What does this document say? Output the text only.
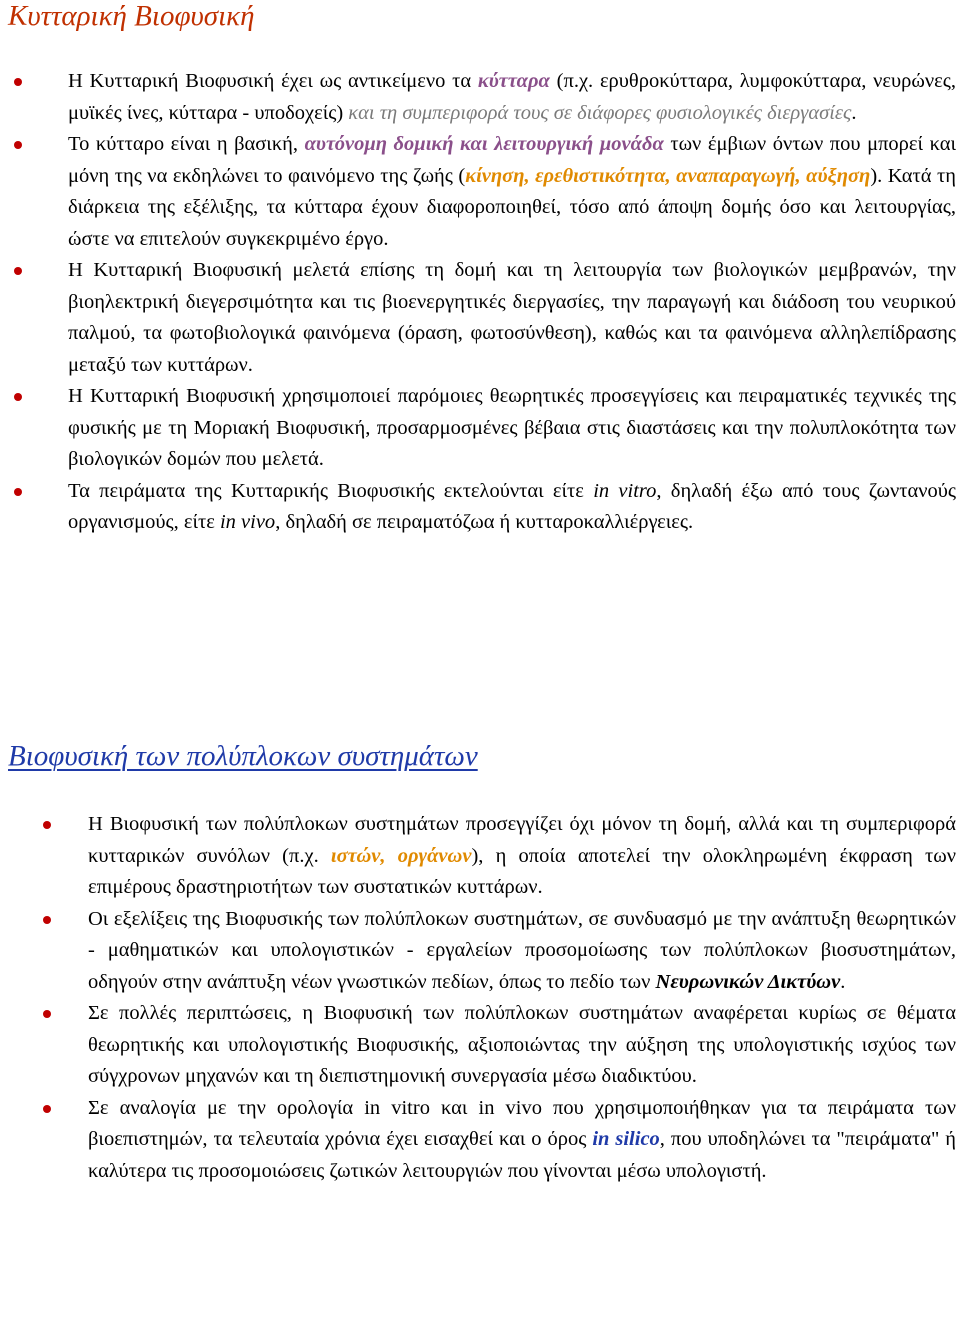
Κυτταρική Βιοφυσική
Η Κυτταρική Βιοφυσική έχει ως αντικείμενο τα κύτταρα (π.χ. ερυθροκύτταρα, λυμφοκύτταρα, νευρώνες, μυϊκές ίνες, κύτταρα - υποδοχείς) και τη συμπεριφορά τους σε διάφορες φυσιολογικές διεργασίες.
Το κύτταρο είναι η βασική, αυτόνομη δομική και λειτουργική μονάδα των έμβιων όντων που μπορεί και μόνη της να εκδηλώνει το φαινόμενο της ζωής (κίνηση, ερεθιστικότητα, αναπαραγωγή, αύξηση). Κατά τη διάρκεια της εξέλιξης, τα κύτταρα έχουν διαφοροποιηθεί, τόσο από άποψη δομής όσο και λειτουργίας, ώστε να επιτελούν συγκεκριμένο έργο.
Η Κυτταρική Βιοφυσική μελετά επίσης τη δομή και τη λειτουργία των βιολογικών μεμβρανών, την βιοηλεκτρική διεγερσιμότητα και τις βιοενεργητικές διεργασίες, την παραγωγή και διάδοση του νευρικού παλμού, τα φωτοβιολογικά φαινόμενα (όραση, φωτοσύνθεση), καθώς και τα φαινόμενα αλληλεπίδρασης μεταξύ των κυττάρων.
Η Κυτταρική Βιοφυσική χρησιμοποιεί παρόμοιες θεωρητικές προσεγγίσεις και πειραματικές τεχνικές της φυσικής με τη Μοριακή Βιοφυσική, προσαρμοσμένες βέβαια στις διαστάσεις και την πολυπλοκότητα των βιολογικών δομών που μελετά.
Τα πειράματα της Κυτταρικής Βιοφυσικής εκτελούνται είτε in vitro, δηλαδή έξω από τους ζωντανούς οργανισμούς, είτε in vivo, δηλαδή σε πειραματόζωα ή κυτταροκαλλιέργειες.
Βιοφυσική των πολύπλοκων συστημάτων
Η Βιοφυσική των πολύπλοκων συστημάτων προσεγγίζει όχι μόνον τη δομή, αλλά και τη συμπεριφορά κυτταρικών συνόλων (π.χ. ιστών, οργάνων), η οποία αποτελεί την ολοκληρωμένη έκφραση των επιμέρους δραστηριοτήτων των συστατικών κυττάρων.
Οι εξελίξεις της Βιοφυσικής των πολύπλοκων συστημάτων, σε συνδυασμό με την ανάπτυξη θεωρητικών - μαθηματικών και υπολογιστικών - εργαλείων προσομοίωσης των πολύπλοκων βιοσυστημάτων, οδηγούν στην ανάπτυξη νέων γνωστικών πεδίων, όπως το πεδίο των Νευρωνικών Δικτύων.
Σε πολλές περιπτώσεις, η Βιοφυσική των πολύπλοκων συστημάτων αναφέρεται κυρίως σε θέματα θεωρητικής και υπολογιστικής Βιοφυσικής, αξιοποιώντας την αύξηση της υπολογιστικής ισχύος των σύγχρονων μηχανών και τη διεπιστημονική συνεργασία μέσω διαδικτύου.
Σε αναλογία με την ορολογία in vitro και in vivo που χρησιμοποιήθηκαν για τα πειράματα των βιοεπιστημών, τα τελευταία χρόνια έχει εισαχθεί και ο όρος in silico, που υποδηλώνει τα "πειράματα" ή καλύτερα τις προσομοιώσεις ζωτικών λειτουργιών που γίνονται μέσω υπολογιστή.
